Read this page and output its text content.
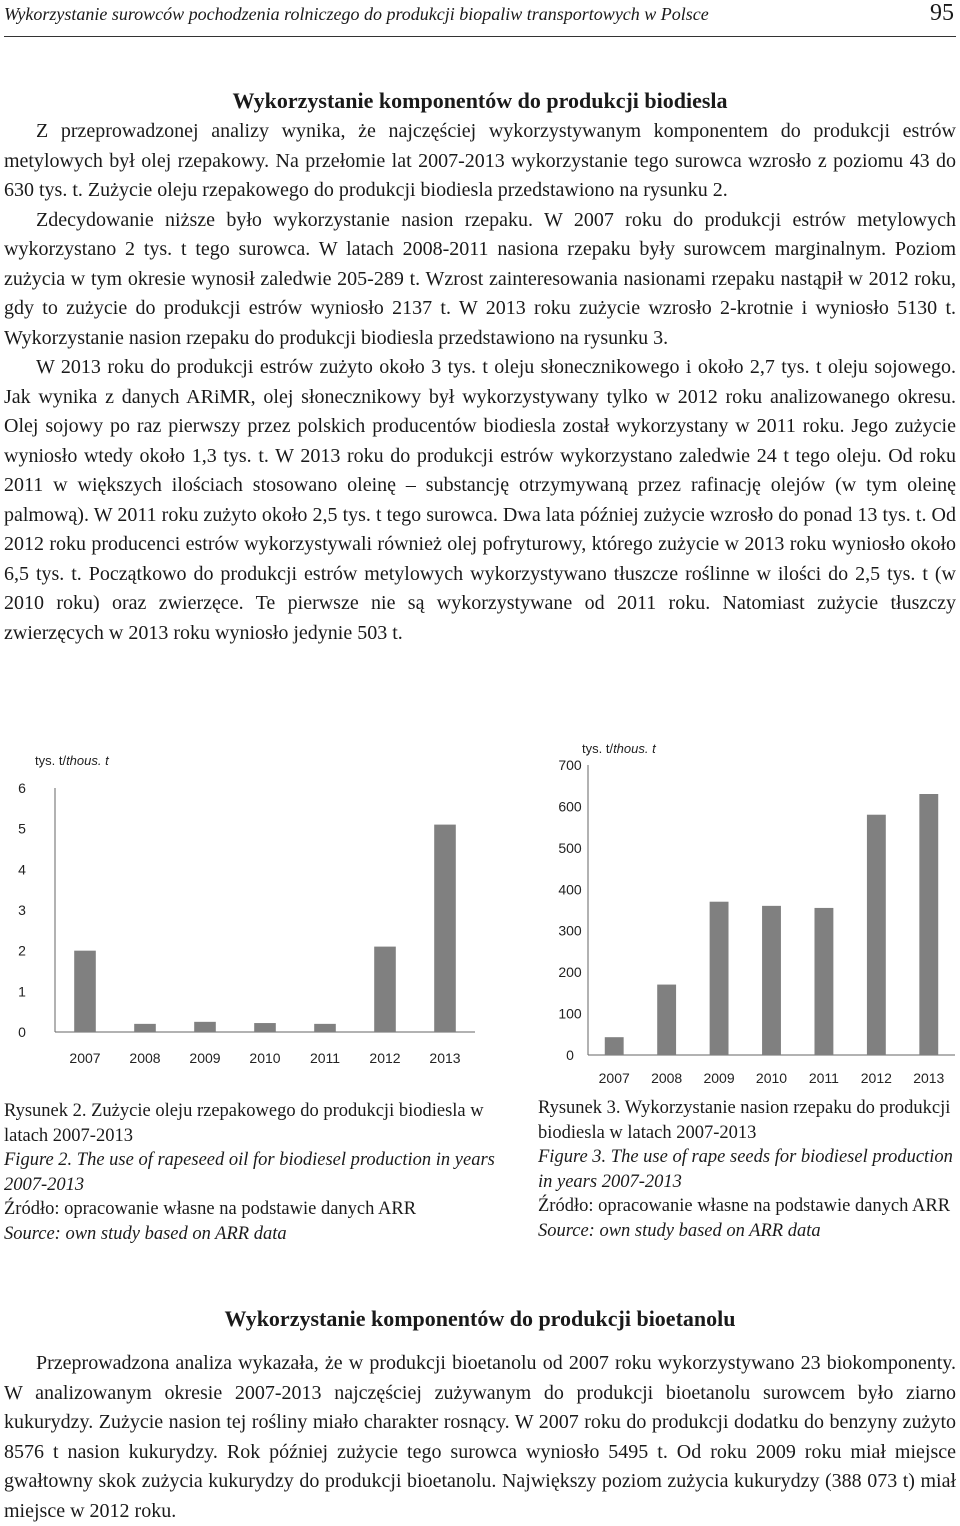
Wykorzystanie surowców pochodzenia rolniczego do produkcji biopaliw transportowych w Polsce	95
Wykorzystanie komponentów do produkcji biodiesla

Z przeprowadzonej analizy wynika, że najczęściej wykorzystywanym komponentem do produkcji estrów metylowych był olej rzepakowy. Na przełomie lat 2007-2013 wykorzystanie tego surowca wzrosło z poziomu 43 do 630 tys. t. Zużycie oleju rzepakowego do produkcji biodiesla przedstawiono na rysunku 2.

Zdecydowanie niższe było wykorzystanie nasion rzepaku. W 2007 roku do produkcji estrów metylowych wykorzystano 2 tys. t tego surowca. W latach 2008-2011 nasiona rzepaku były surowcem marginalnym. Poziom zużycia w tym okresie wynosił zaledwie 205-289 t. Wzrost zainteresowania nasionami rzepaku nastąpił w 2012 roku, gdy to zużycie do produkcji estrów wyniosło 2137 t. W 2013 roku zużycie wzrosło 2-krotnie i wyniosło 5130 t. Wykorzystanie nasion rzepaku do produkcji biodiesla przedstawiono na rysunku 3.

W 2013 roku do produkcji estrów zużyto około 3 tys. t oleju słonecznikowego i około 2,7 tys. t oleju sojowego. Jak wynika z danych ARiMR, olej słonecznikowy był wykorzystywany tylko w 2012 roku analizowanego okresu. Olej sojowy po raz pierwszy przez polskich producentów biodiesla został wykorzystany w 2011 roku. Jego zużycie wyniosło wtedy około 1,3 tys. t. W 2013 roku do produkcji estrów wykorzystano zaledwie 24 t tego oleju. Od roku 2011 w większych ilościach stosowano oleinę – substancję otrzymywaną przez rafinację olejów (w tym oleinę palmową). W 2011 roku zużyto około 2,5 tys. t tego surowca. Dwa lata później zużycie wzrosło do ponad 13 tys. t. Od 2012 roku producenci estrów wykorzystywali również olej pofryturowy, którego zużycie w 2013 roku wyniosło około 6,5 tys. t. Początkowo do produkcji estrów metylowych wykorzystywano tłuszcze roślinne w ilości do 2,5 tys. t (w 2010 roku) oraz zwierzęce. Te pierwsze nie są wykorzystywane od 2011 roku. Natomiast zużycie tłuszczy zwierzęcych w 2013 roku wyniosło jedynie 503 t.

tys. t/thous. t
0
1
2
3
4
5
6
2007 2008 2009 2010 2011 2012 2013
tys. t/thous. t
0
100
200
300
400
500
600
700
2007 2008 2009 2010 2011 2012 2013
Rysunek 2. Zużycie oleju rzepakowego do produkcji biodiesla w latach 2007-2013
Figure 2. The use of rapeseed oil for biodiesel production in years 2007-2013
Źródło: opracowanie własne na podstawie danych ARR
Source: own study based on ARR data
Rysunek 3. Wykorzystanie nasion rzepaku do produkcji biodiesla w latach 2007-2013
Figure 3. The use of rape seeds for biodiesel production in years 2007-2013
Źródło: opracowanie własne na podstawie danych ARR
Source: own study based on ARR data
Wykorzystanie komponentów do produkcji bioetanolu

Przeprowadzona analiza wykazała, że w produkcji bioetanolu od 2007 roku wykorzystywano 23 biokomponenty. W analizowanym okresie 2007-2013 najczęściej zużywanym do produkcji bioetanolu surowcem było ziarno kukurydzy. Zużycie nasion tej rośliny miało charakter rosnący. W 2007 roku do produkcji dodatku do benzyny zużyto 8576 t nasion kukurydzy. Rok później zużycie tego surowca wyniosło 5495 t. Od roku 2009 roku miał miejsce gwałtowny skok zużycia kukurydzy do produkcji bioetanolu. Największy poziom zużycia kukurydzy (388 073 t) miał miejsce w 2012 roku.
